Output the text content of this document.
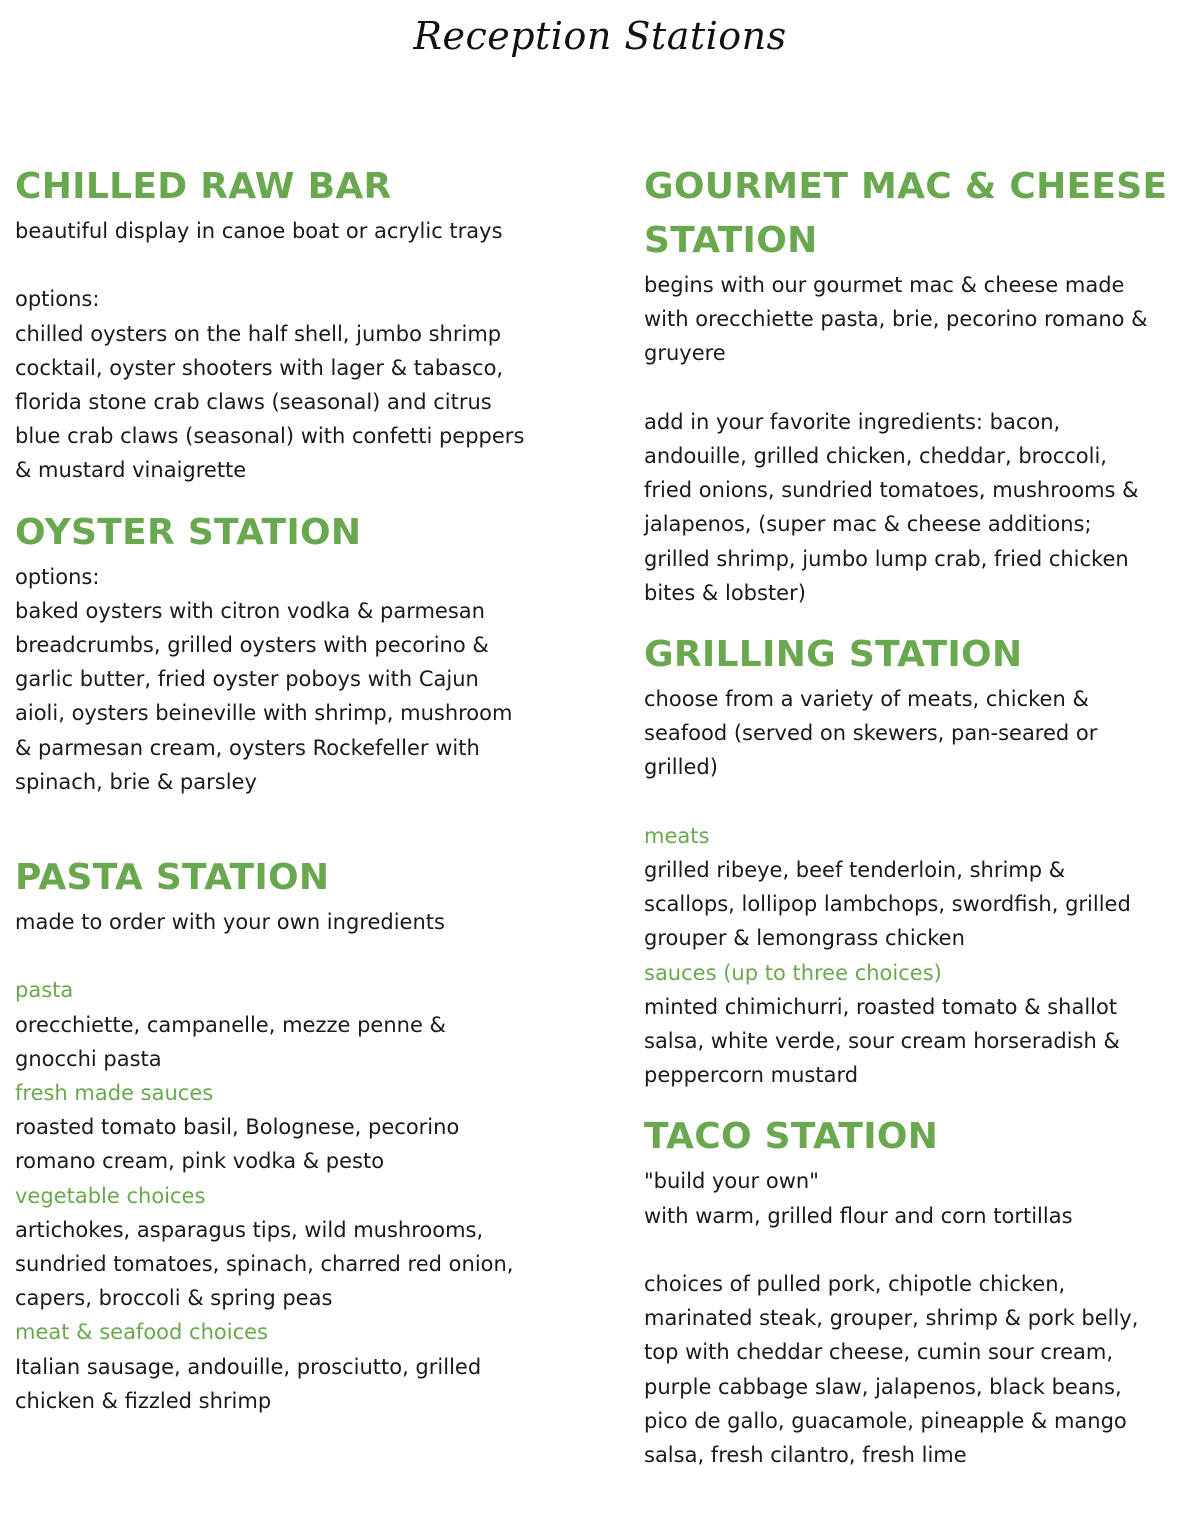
Reception Stations

CHILLED RAW BAR

beautiful display in canoe boat or acrylic trays

options:

chilled oysters on the half shell, jumbo shrimp

cocktail, oyster shooters with lager & tabasco,

florida stone crab claws (seasonal) and citrus

blue crab claws (seasonal) with confetti peppers

& mustard vinaigrette

OYSTER STATION

options:

baked oysters with citron vodka & parmesan

breadcrumbs, grilled oysters with pecorino &

garlic butter, fried oyster poboys with Cajun

aioli, oysters beineville with shrimp, mushroom

& parmesan cream, oysters Rockefeller with

spinach, brie & parsley

PASTA STATION

made to order with your own ingredients

pasta

orecchiette, campanelle, mezze penne &

gnocchi pasta

fresh made sauces

roasted tomato basil, Bolognese, pecorino

romano cream, pink vodka & pesto

vegetable choices

artichokes, asparagus tips, wild mushrooms,

sundried tomatoes, spinach, charred red onion,

capers, broccoli & spring peas

meat & seafood choices

Italian sausage, andouille, prosciutto, grilled

chicken & fizzled shrimp

GOURMET MAC & CHEESE

STATION

begins with our gourmet mac & cheese made

with orecchiette pasta, brie, pecorino romano &

gruyere

add in your favorite ingredients: bacon,

andouille, grilled chicken, cheddar, broccoli,

fried onions, sundried tomatoes, mushrooms &

jalapenos, (super mac & cheese additions;

grilled shrimp, jumbo lump crab, fried chicken

bites & lobster)

GRILLING STATION

choose from a variety of meats, chicken &

seafood (served on skewers, pan-seared or

grilled)

meats

grilled ribeye, beef tenderloin, shrimp &

scallops, lollipop lambchops, swordfish, grilled

grouper & lemongrass chicken

sauces (up to three choices)

minted chimichurri, roasted tomato & shallot

salsa, white verde, sour cream horseradish &

peppercorn mustard

TACO STATION

"build your own"

with warm, grilled flour and corn tortillas

choices of pulled pork, chipotle chicken,

marinated steak, grouper, shrimp & pork belly,

top with cheddar cheese, cumin sour cream,

purple cabbage slaw, jalapenos, black beans,

pico de gallo, guacamole, pineapple & mango

salsa, fresh cilantro, fresh lime
